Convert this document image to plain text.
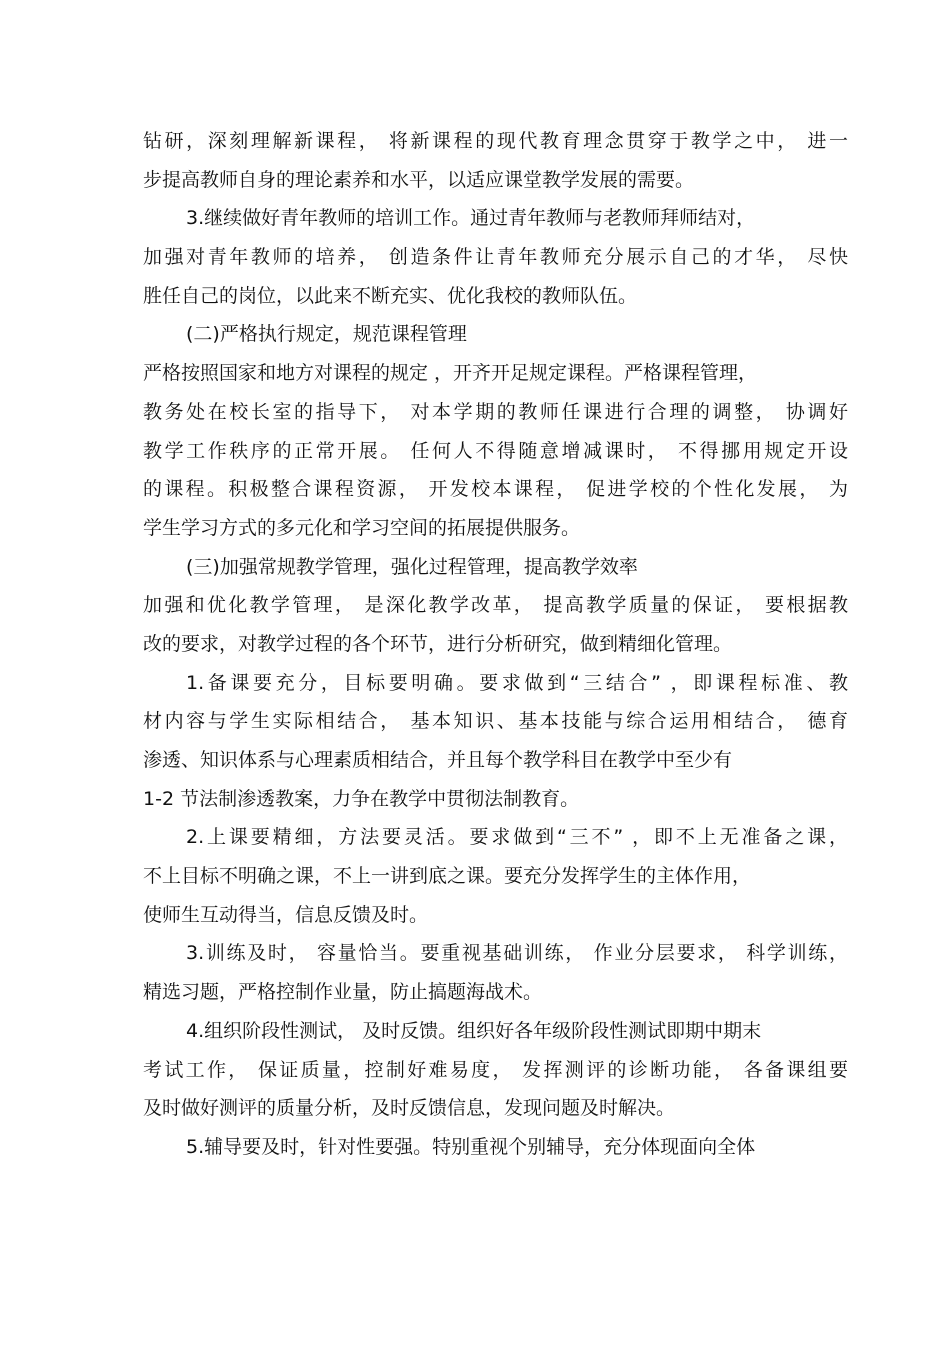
钻研，深刻理解新课程， 将新课程的现代教育理念贯穿于教学之中， 进一
步提高教师自身的理论素养和水平，以适应课堂教学发展的需要。
3.继续做好青年教师的培训工作。通过青年教师与老教师拜师结对，
加强对青年教师的培养， 创造条件让青年教师充分展示自己的才华， 尽快
胜任自己的岗位，以此来不断充实、优化我校的教师队伍。
(二)严格执行规定，规范课程管理
严格按照国家和地方对课程的规定 ，开齐开足规定课程。严格课程管理，
教务处在校长室的指导下， 对本学期的教师任课进行合理的调整， 协调好
教学工作秩序的正常开展。 任何人不得随意增减课时， 不得挪用规定开设
的课程。积极整合课程资源， 开发校本课程， 促进学校的个性化发展， 为
学生学习方式的多元化和学习空间的拓展提供服务。
(三)加强常规教学管理，强化过程管理，提高教学效率
加强和优化教学管理， 是深化教学改革， 提高教学质量的保证， 要根据教
改的要求，对教学过程的各个环节，进行分析研究，做到精细化管理。
1.备课要充分，目标要明确。要求做到“三结合” ，即课程标准、教
材内容与学生实际相结合， 基本知识、基本技能与综合运用相结合， 德育
渗透、知识体系与心理素质相结合，并且每个教学科目在教学中至少有
1-2 节法制渗透教案，力争在教学中贯彻法制教育。
2.上课要精细，方法要灵活。要求做到“三不” ，即不上无准备之课，
不上目标不明确之课，不上一讲到底之课。要充分发挥学生的主体作用，
使师生互动得当，信息反馈及时。
3.训练及时， 容量恰当。要重视基础训练， 作业分层要求， 科学训练，
精选习题，严格控制作业量，防止搞题海战术。
4.组织阶段性测试， 及时反馈。组织好各年级阶段性测试即期中期末
考试工作， 保证质量，控制好难易度， 发挥测评的诊断功能， 各备课组要
及时做好测评的质量分析，及时反馈信息，发现问题及时解决。
5.辅导要及时，针对性要强。特别重视个别辅导，充分体现面向全体
